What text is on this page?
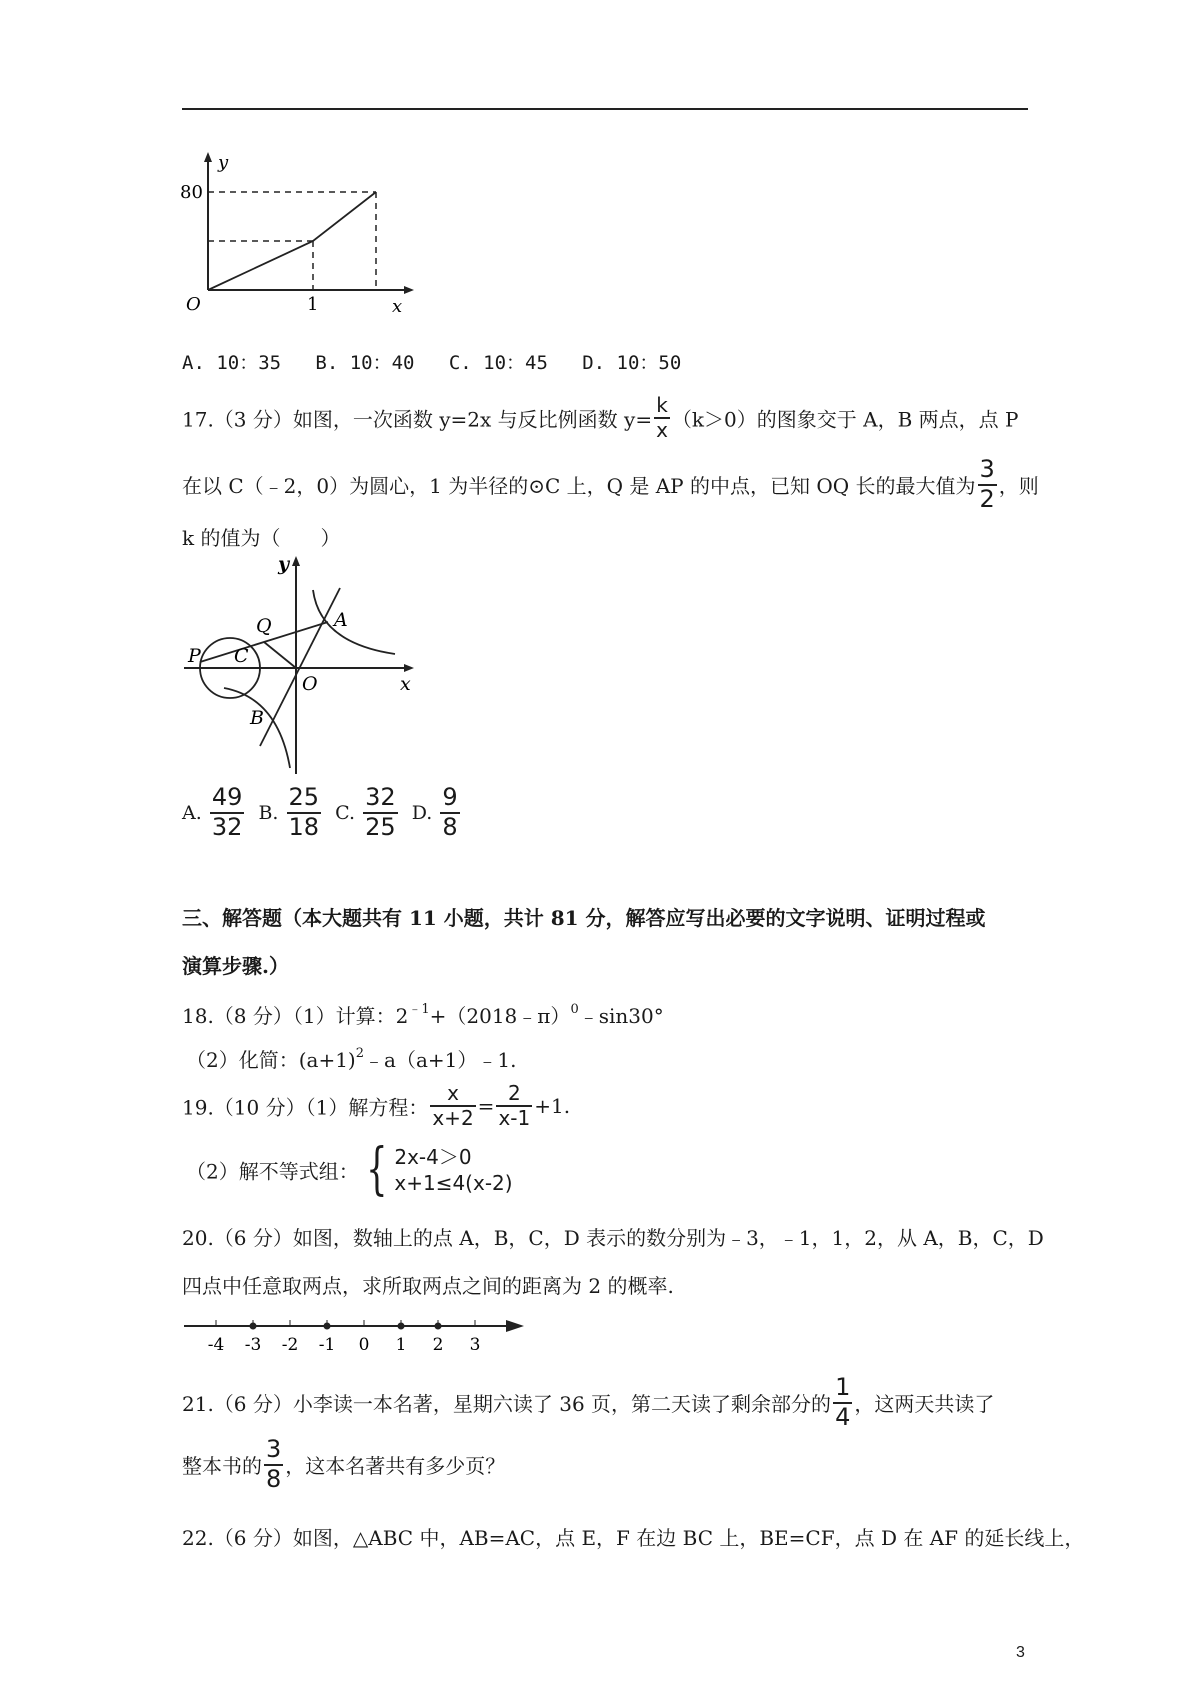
y
80
O	1	x
A. 10：35 B. 10：40 C. 10：45 D. 10：50
17.（3 分）如图，一次函数 y=2x 与反比例函数 $y= \frac{k}{x} (k>0)$的图象交于 A，B 两点，点 P
在以 C（﹣2，0）为圆心，1 为半径的⊙C 上，Q 是 AP 的中点，已知 OQ 长的最大值为 $\frac{3}{2}$ ，则
k 的值为（　　）
y
x
O
A
B
C
P
Q
A. $\frac{49}{32} B$. $\frac{25}{18} C$. $\frac{32}{25} D$. $\frac{9}{8}$
三、解答题（本大题共有 11 小题，共计 81 分，解答应写出必要的文字说明、证明过程或
演算步骤.）
18.（8 分）（1）计算：$2^{﹣1}+(2018﹣\pi)^0﹣\sin 30^\circ$
（2）化简：$(a+1)^2﹣a(a+1)﹣1$.
19.（10 分）（1）解方程： $\frac{x}{x+2} = \frac{2}{x-1} +1$.
（2）解不等式组： { 2x-4＞0
x+1≤4(x-2)
20.（6 分）如图，数轴上的点 A，B，C，D 表示的数分别为﹣3，﹣1，1，2，从 A，B，C，D
四点中任意取两点，求所取两点之间的距离为 2 的概率.
-4 -3 -2 -1 0 1 2 3
21.（6 分）小李读一本名著，星期六读了 36 页，第二天读了剩余部分的 $\frac{1}{4}$ ，这两天共读了
整本书的 $\frac{3}{8}$ ，这本名著共有多少页？
22.（6 分）如图，△ABC 中，AB=AC，点 E，F 在边 BC 上，BE=CF，点 D 在 AF 的延长线上，
3
